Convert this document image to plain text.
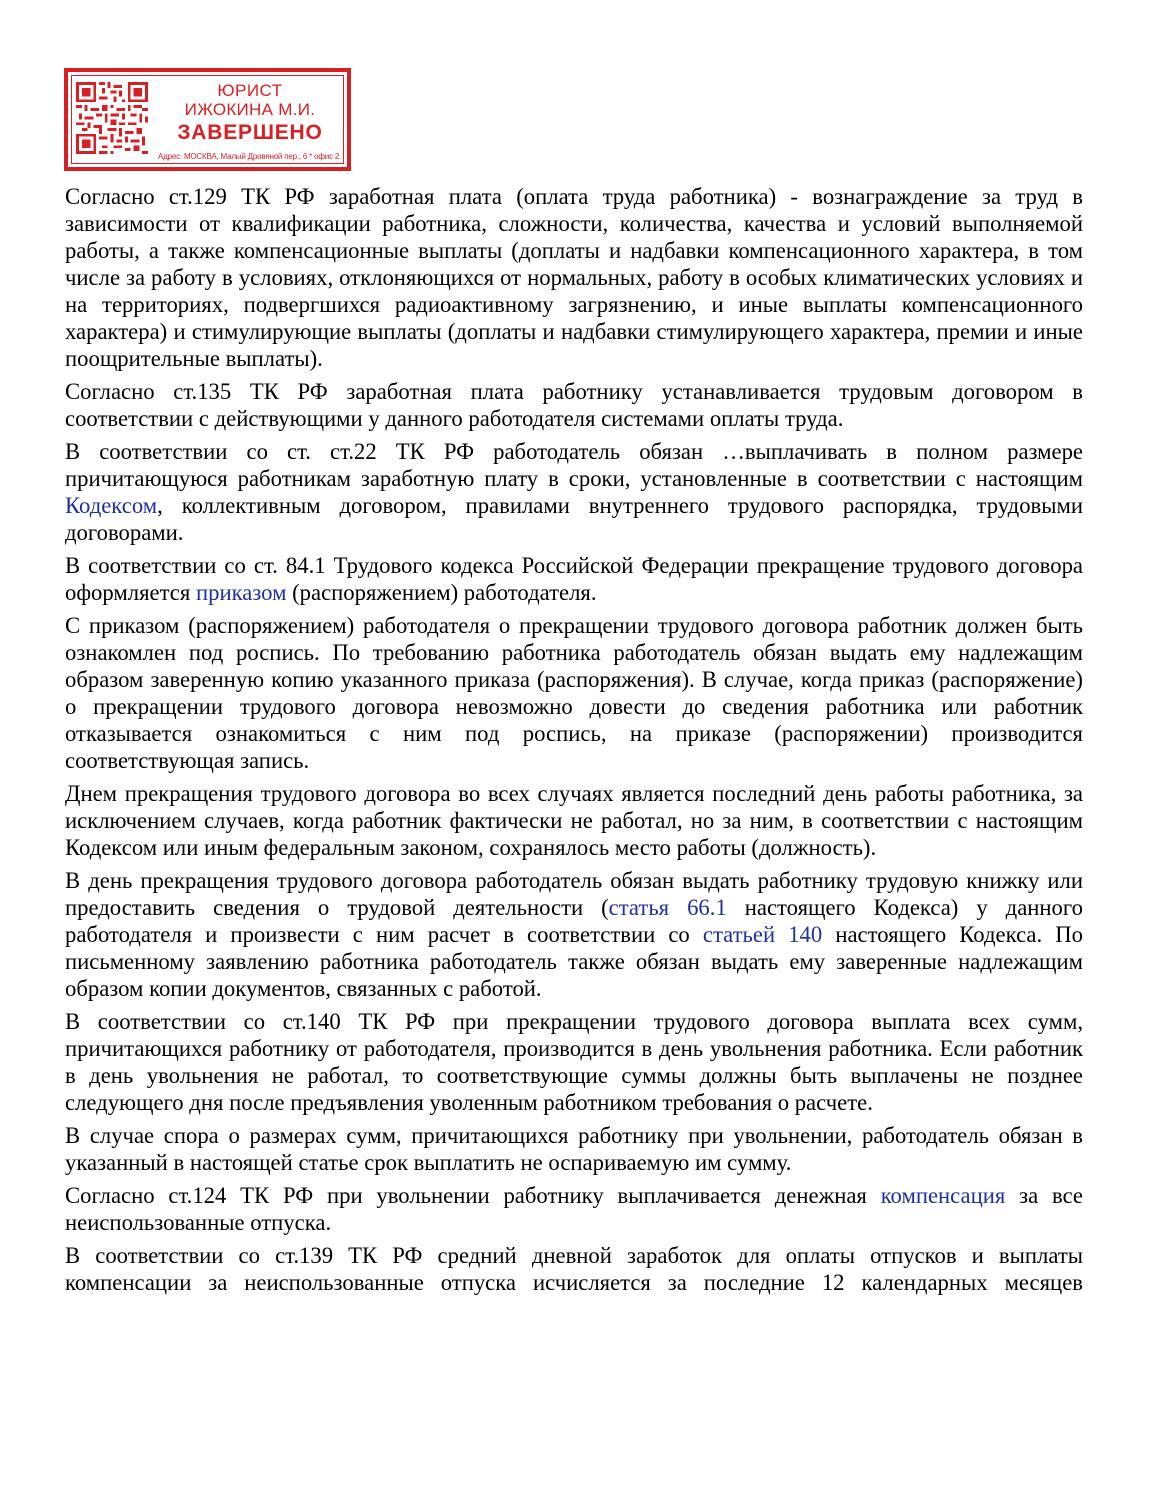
ЮРИСТ
ИЖОКИНА М.И.
ЗАВЕРШЕНО
Адрес: МОСКВА, Малый Дровяной пер., 6 * офис 2

Согласно ст.129 ТК РФ заработная плата (оплата труда работника) - вознаграждение за труд в зависимости от квалификации работника, сложности, количества, качества и условий выполняемой работы, а также компенсационные выплаты (доплаты и надбавки компенсационного характера, в том числе за работу в условиях, отклоняющихся от нормальных, работу в особых климатических условиях и на территориях, подвергшихся радиоактивному загрязнению, и иные выплаты компенсационного характера) и стимулирующие выплаты (доплаты и надбавки стимулирующего характера, премии и иные поощрительные выплаты).

Согласно ст.135 ТК РФ заработная плата работнику устанавливается трудовым договором в соответствии с действующими у данного работодателя системами оплаты труда.

В соответствии со ст. ст.22 ТК РФ работодатель обязан …выплачивать в полном размере причитающуюся работникам заработную плату в сроки, установленные в соответствии с настоящим Кодексом, коллективным договором, правилами внутреннего трудового распорядка, трудовыми договорами.

В соответствии со ст. 84.1 Трудового кодекса Российской Федерации прекращение трудового договора оформляется приказом (распоряжением) работодателя.

С приказом (распоряжением) работодателя о прекращении трудового договора работник должен быть ознакомлен под роспись. По требованию работника работодатель обязан выдать ему надлежащим образом заверенную копию указанного приказа (распоряжения). В случае, когда приказ (распоряжение) о прекращении трудового договора невозможно довести до сведения работника или работник отказывается ознакомиться с ним под роспись, на приказе (распоряжении) производится соответствующая запись.

Днем прекращения трудового договора во всех случаях является последний день работы работника, за исключением случаев, когда работник фактически не работал, но за ним, в соответствии с настоящим Кодексом или иным федеральным законом, сохранялось место работы (должность).

В день прекращения трудового договора работодатель обязан выдать работнику трудовую книжку или предоставить сведения о трудовой деятельности (статья 66.1 настоящего Кодекса) у данного работодателя и произвести с ним расчет в соответствии со статьей 140 настоящего Кодекса. По письменному заявлению работника работодатель также обязан выдать ему заверенные надлежащим образом копии документов, связанных с работой.

В соответствии со ст.140 ТК РФ при прекращении трудового договора выплата всех сумм, причитающихся работнику от работодателя, производится в день увольнения работника. Если работник в день увольнения не работал, то соответствующие суммы должны быть выплачены не позднее следующего дня после предъявления уволенным работником требования о расчете.

В случае спора о размерах сумм, причитающихся работнику при увольнении, работодатель обязан в указанный в настоящей статье срок выплатить не оспариваемую им сумму.

Согласно ст.124 ТК РФ при увольнении работнику выплачивается денежная компенсация за все неиспользованные отпуска.

В соответствии со ст.139 ТК РФ средний дневной заработок для оплаты отпусков и выплаты компенсации за неиспользованные отпуска исчисляется за последние 12 календарных месяцев
